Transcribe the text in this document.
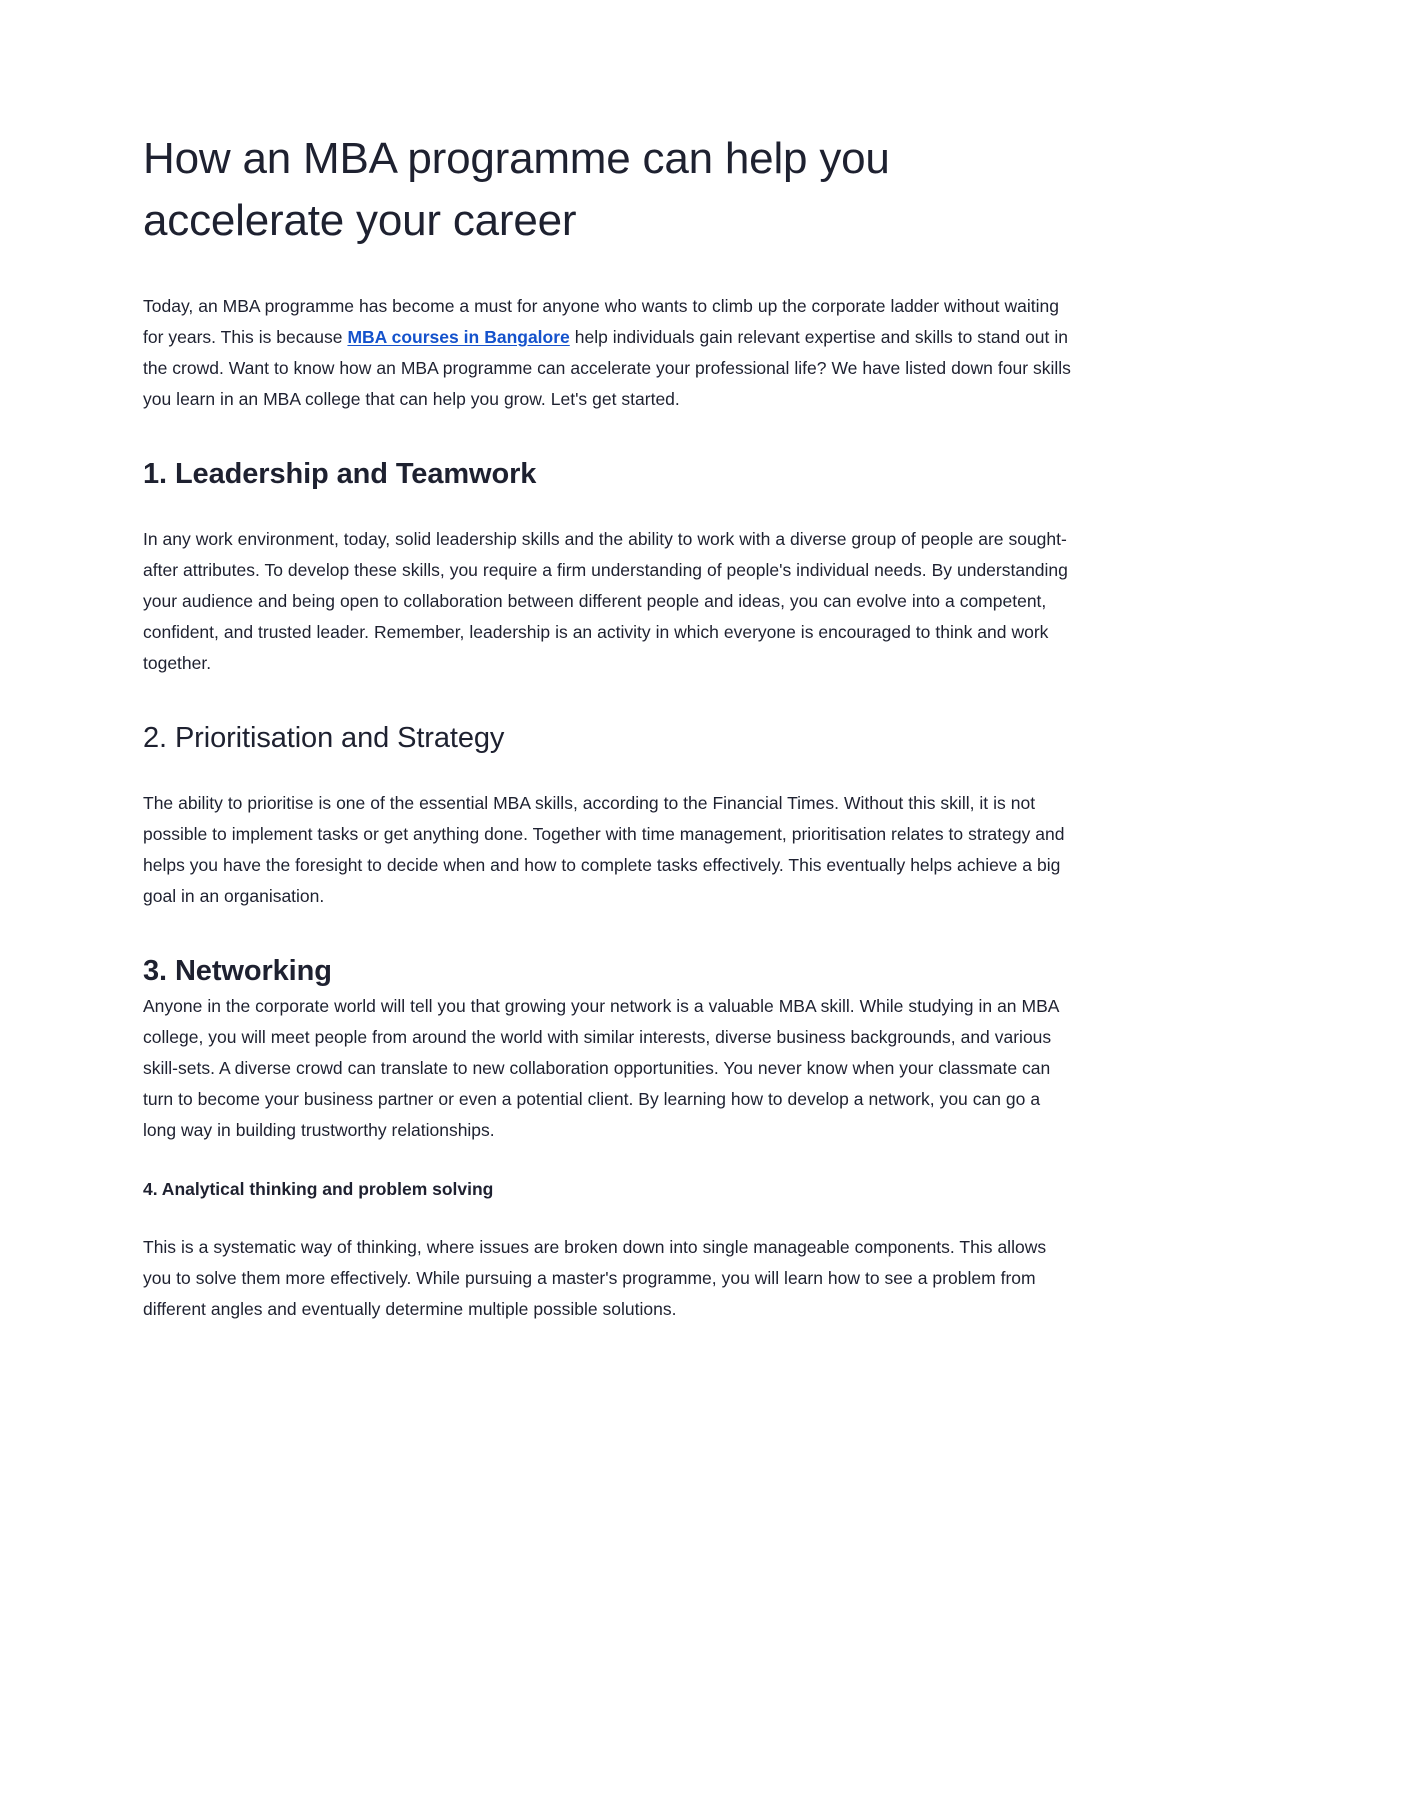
How an MBA programme can help you accelerate your career

Today, an MBA programme has become a must for anyone who wants to climb up the corporate ladder without waiting for years. This is because MBA courses in Bangalore help individuals gain relevant expertise and skills to stand out in the crowd. Want to know how an MBA programme can accelerate your professional life? We have listed down four skills you learn in an MBA college that can help you grow. Let's get started.

1. Leadership and Teamwork

In any work environment, today, solid leadership skills and the ability to work with a diverse group of people are sought-after attributes. To develop these skills, you require a firm understanding of people's individual needs. By understanding your audience and being open to collaboration between different people and ideas, you can evolve into a competent, confident, and trusted leader. Remember, leadership is an activity in which everyone is encouraged to think and work together.

2. Prioritisation and Strategy

The ability to prioritise is one of the essential MBA skills, according to the Financial Times. Without this skill, it is not possible to implement tasks or get anything done. Together with time management, prioritisation relates to strategy and helps you have the foresight to decide when and how to complete tasks effectively. This eventually helps achieve a big goal in an organisation.

3. Networking

Anyone in the corporate world will tell you that growing your network is a valuable MBA skill. While studying in an MBA college, you will meet people from around the world with similar interests, diverse business backgrounds, and various skill-sets. A diverse crowd can translate to new collaboration opportunities. You never know when your classmate can turn to become your business partner or even a potential client. By learning how to develop a network, you can go a long way in building trustworthy relationships.

4. Analytical thinking and problem solving

This is a systematic way of thinking, where issues are broken down into single manageable components. This allows you to solve them more effectively. While pursuing a master's programme, you will learn how to see a problem from different angles and eventually determine multiple possible solutions.
